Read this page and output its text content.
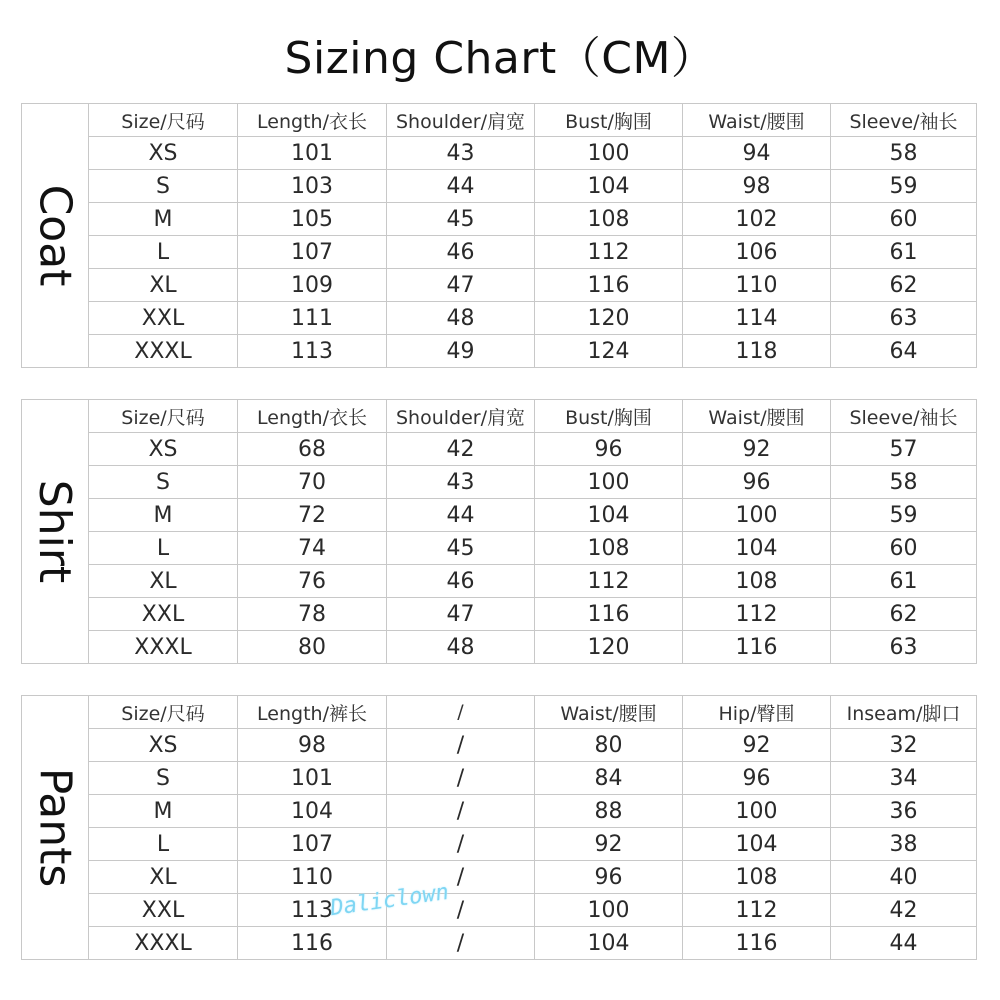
Sizing Chart（CM）
Coat
Size/尺码	Length/衣长	Shoulder/肩宽	Bust/胸围	Waist/腰围	Sleeve/袖长
XS	101	43	100	94	58
S	103	44	104	98	59
M	105	45	108	102	60
L	107	46	112	106	61
XL	109	47	116	110	62
XXL	111	48	120	114	63
XXXL	113	49	124	118	64
Shirt
Size/尺码	Length/衣长	Shoulder/肩宽	Bust/胸围	Waist/腰围	Sleeve/袖长
XS	68	42	96	92	57
S	70	43	100	96	58
M	72	44	104	100	59
L	74	45	108	104	60
XL	76	46	112	108	61
XXL	78	47	116	112	62
XXXL	80	48	120	116	63
Pants
Size/尺码	Length/裤长	/	Waist/腰围	Hip/臀围	Inseam/脚口
XS	98	/	80	92	32
S	101	/	84	96	34
M	104	/	88	100	36
L	107	/	92	104	38
XL	110	/	96	108	40
XXL	113	/	100	112	42
XXXL	116	/	104	116	44
Daliclown
